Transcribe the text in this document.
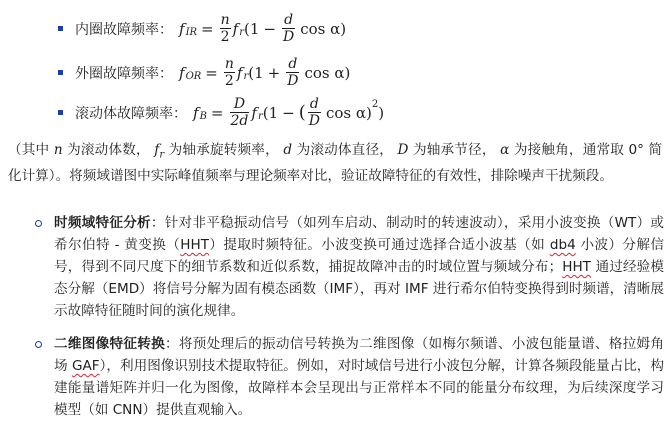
内圈故障频率： f IR = $\frac{n}{2}$ f r ($1 - \frac{d}{D}$ cos α)
外圈故障频率： f OR = $\frac{n}{2}$ f r ($1 + \frac{d}{D}$ cos α)
滚动体故障频率： f $B = \frac{D}{2d}$ f r (1 − ( $\frac{d}{D}$ cos α) 2 )
（其中 n 为滚动体数， $f_r$ 为轴承旋转频率， d 为滚动体直径， D 为轴承节径， α 为接触角，通常取 0° 简化计算）。将频域谱图中实际峰值频率与理论频率对比，验证故障特征的有效性，排除噪声干扰频段。
时频域特征分析：针对非平稳振动信号（如列车启动、制动时的转速波动），采用小波变换（WT）或希尔伯特 - 黄变换（HHT）提取时频特征。小波变换可通过选择合适小波基（如 db4 小波）分解信号，得到不同尺度下的细节系数和近似系数，捕捉故障冲击的时域位置与频域分布；HHT 通过经验模态分解（EMD）将信号分解为固有模态函数（IMF），再对 IMF 进行希尔伯特变换得到时频谱，清晰展示故障特征随时间的演化规律。
二维图像特征转换：将预处理后的振动信号转换为二维图像（如梅尔频谱、小波包能量谱、格拉姆角场 GAF），利用图像识别技术提取特征。例如，对时域信号进行小波包分解，计算各频段能量占比，构建能量谱矩阵并归一化为图像，故障样本会呈现出与正常样本不同的能量分布纹理，为后续深度学习模型（如 CNN）提供直观输入。
